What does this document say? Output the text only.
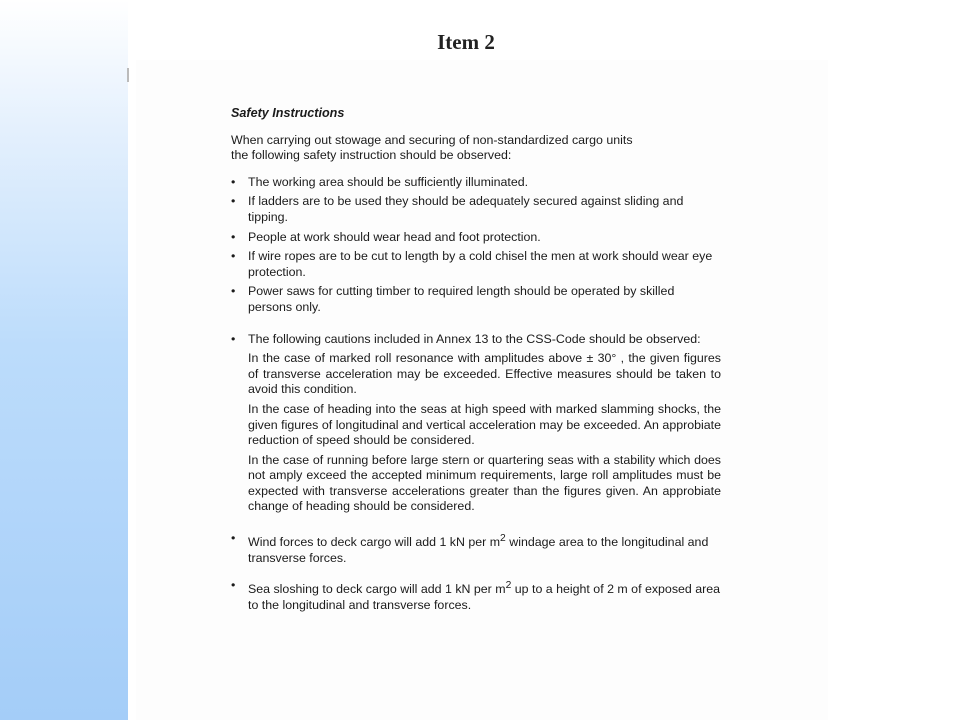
Item 2
Safety Instructions
When carrying out stowage and securing of non-standardized cargo units
the following safety instruction should be observed:
•	The working area should be sufficiently illuminated.
•	If ladders are to be used they should be adequately secured against sliding and tipping.
•	People at work should wear head and foot protection.
•	If wire ropes are to be cut to length by a cold chisel the men at work should wear eye protection.
•	Power saws for cutting timber to required length should be operated by skilled persons only.
•	The following cautions included in Annex 13 to the CSS-Code should be observed:
In the case of marked roll resonance with amplitudes above ± 30° , the given figures of transverse acceleration may be exceeded. Effective measures should be taken to avoid this condition.
In the case of heading into the seas at high speed with marked slamming shocks, the given figures of longitudinal and vertical acceleration may be exceeded. An approbiate reduction of speed should be considered.
In the case of running before large stern or quartering seas with a stability which does not amply exceed the accepted minimum requirements, large roll amplitudes must be expected with transverse accelerations greater than the figures given. An approbiate change of heading should be considered.
•	Wind forces to deck cargo will add 1 kN per $m^2$ windage area to the longitudinal and transverse forces.
•	Sea sloshing to deck cargo will add 1 kN per $m^2$ up to a height of 2 m of exposed area to the longitudinal and transverse forces.
